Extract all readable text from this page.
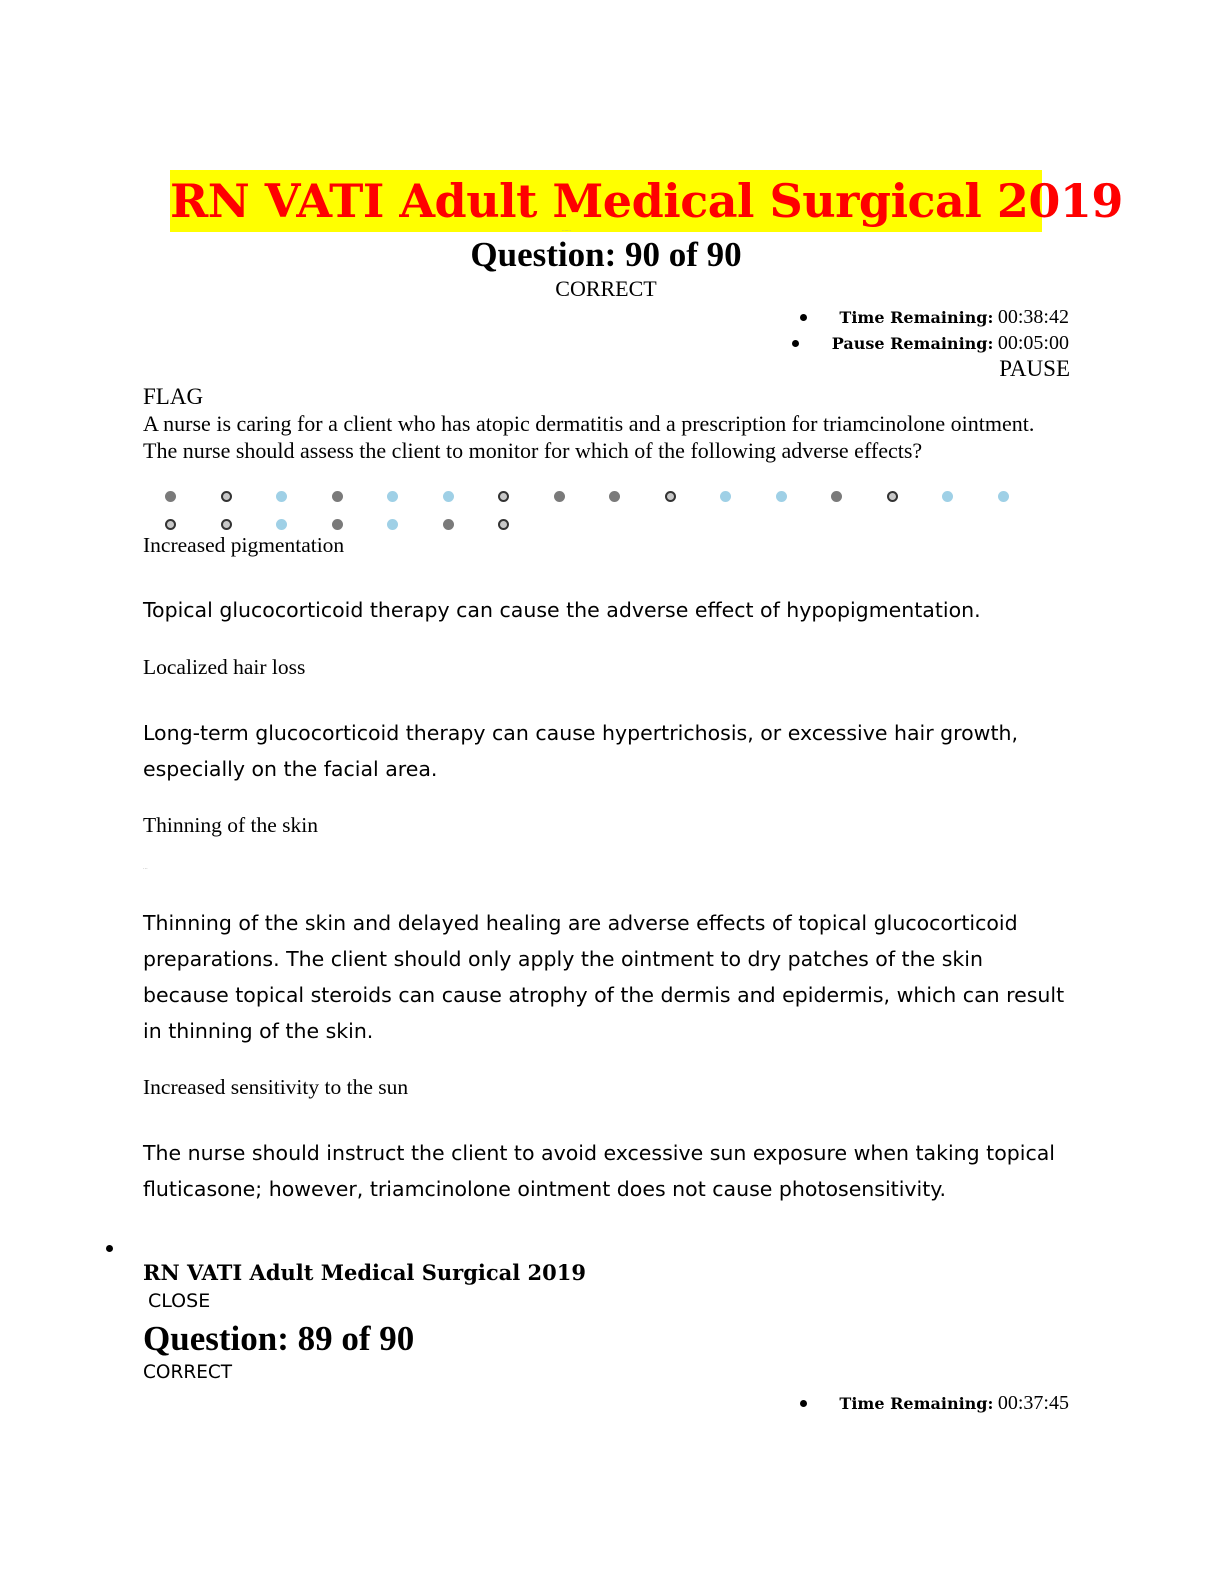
RN VATI Adult Medical Surgical 2019
·······
Question: 90 of 90
CORRECT
Time Remaining: 00:38:42
Pause Remaining: 00:05:00
PAUSE
FLAG
A nurse is caring for a client who has atopic dermatitis and a prescription for triamcinolone ointment. The nurse should assess the client to monitor for which of the following adverse effects?
Increased pigmentation
Topical glucocorticoid therapy can cause the adverse effect of hypopigmentation.
Localized hair loss
Long-term glucocorticoid therapy can cause hypertrichosis, or excessive hair growth, especially on the facial area.
Thinning of the skin
···
Thinning of the skin and delayed healing are adverse effects of topical glucocorticoid preparations. The client should only apply the ointment to dry patches of the skin because topical steroids can cause atrophy of the dermis and epidermis, which can result in thinning of the skin.
Increased sensitivity to the sun
The nurse should instruct the client to avoid excessive sun exposure when taking topical fluticasone; however, triamcinolone ointment does not cause photosensitivity.
RN VATI Adult Medical Surgical 2019
CLOSE
Question: 89 of 90
CORRECT
Time Remaining: 00:37:45
